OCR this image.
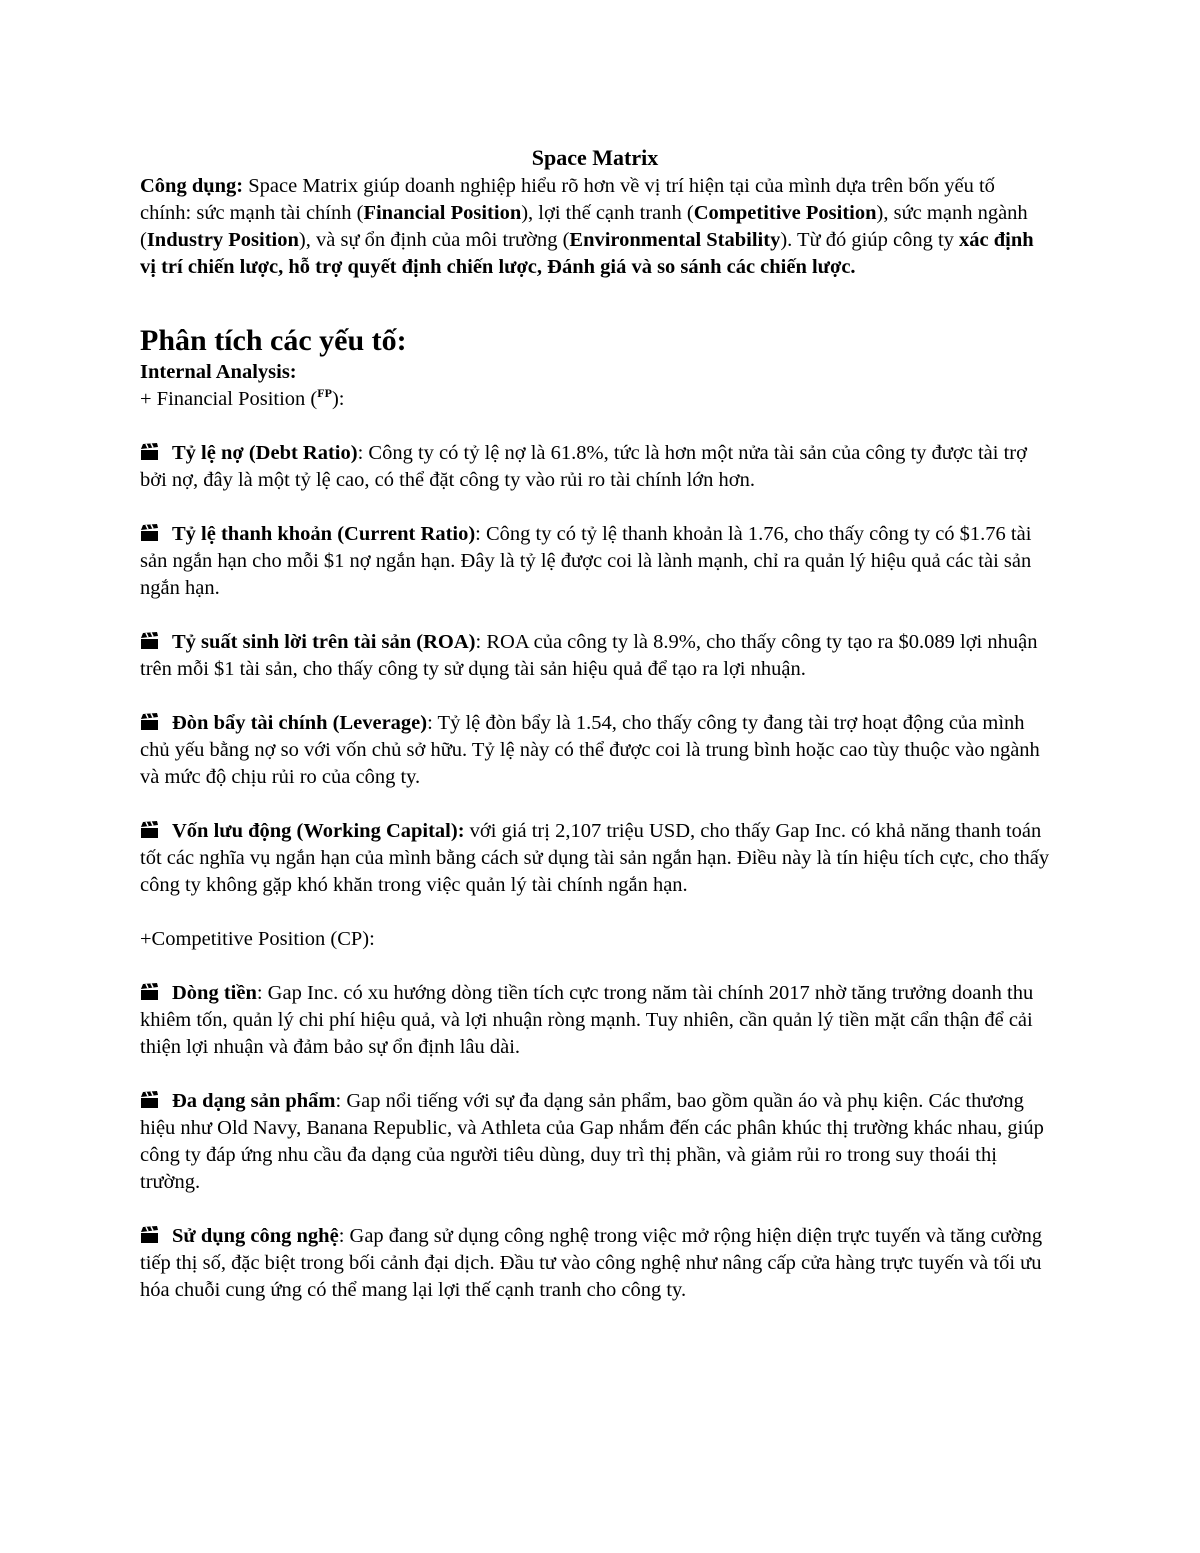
Space Matrix

Công dụng: Space Matrix giúp doanh nghiệp hiểu rõ hơn về vị trí hiện tại của mình dựa trên bốn yếu tố chính: sức mạnh tài chính (Financial Position), lợi thế cạnh tranh (Competitive Position), sức mạnh ngành (Industry Position), và sự ổn định của môi trường (Environmental Stability). Từ đó giúp công ty xác định vị trí chiến lược, hỗ trợ quyết định chiến lược, Đánh giá và so sánh các chiến lược.

Phân tích các yếu tố:
Internal Analysis:
+ Financial Position ($^{FP}$):

Tỷ lệ nợ (Debt Ratio): Công ty có tỷ lệ nợ là 61.8%, tức là hơn một nửa tài sản của công ty được tài trợ bởi nợ, đây là một tỷ lệ cao, có thể đặt công ty vào rủi ro tài chính lớn hơn.

Tỷ lệ thanh khoản (Current Ratio): Công ty có tỷ lệ thanh khoản là 1.76, cho thấy công ty có $1.76 tài sản ngắn hạn cho mỗi $1 nợ ngắn hạn. Đây là tỷ lệ được coi là lành mạnh, chỉ ra quản lý hiệu quả các tài sản ngắn hạn.

Tỷ suất sinh lời trên tài sản (ROA): ROA của công ty là 8.9%, cho thấy công ty tạo ra $0.089 lợi nhuận trên mỗi $1 tài sản, cho thấy công ty sử dụng tài sản hiệu quả để tạo ra lợi nhuận.

Đòn bẩy tài chính (Leverage): Tỷ lệ đòn bẩy là 1.54, cho thấy công ty đang tài trợ hoạt động của mình chủ yếu bằng nợ so với vốn chủ sở hữu. Tỷ lệ này có thể được coi là trung bình hoặc cao tùy thuộc vào ngành và mức độ chịu rủi ro của công ty.

Vốn lưu động (Working Capital): với giá trị 2,107 triệu USD, cho thấy Gap Inc. có khả năng thanh toán tốt các nghĩa vụ ngắn hạn của mình bằng cách sử dụng tài sản ngắn hạn. Điều này là tín hiệu tích cực, cho thấy công ty không gặp khó khăn trong việc quản lý tài chính ngắn hạn.

+Competitive Position (CP):

Dòng tiền: Gap Inc. có xu hướng dòng tiền tích cực trong năm tài chính 2017 nhờ tăng trưởng doanh thu khiêm tốn, quản lý chi phí hiệu quả, và lợi nhuận ròng mạnh. Tuy nhiên, cần quản lý tiền mặt cẩn thận để cải thiện lợi nhuận và đảm bảo sự ổn định lâu dài.

Đa dạng sản phẩm: Gap nổi tiếng với sự đa dạng sản phẩm, bao gồm quần áo và phụ kiện. Các thương hiệu như Old Navy, Banana Republic, và Athleta của Gap nhắm đến các phân khúc thị trường khác nhau, giúp công ty đáp ứng nhu cầu đa dạng của người tiêu dùng, duy trì thị phần, và giảm rủi ro trong suy thoái thị trường.

Sử dụng công nghệ: Gap đang sử dụng công nghệ trong việc mở rộng hiện diện trực tuyến và tăng cường tiếp thị số, đặc biệt trong bối cảnh đại dịch. Đầu tư vào công nghệ như nâng cấp cửa hàng trực tuyến và tối ưu hóa chuỗi cung ứng có thể mang lại lợi thế cạnh tranh cho công ty.
